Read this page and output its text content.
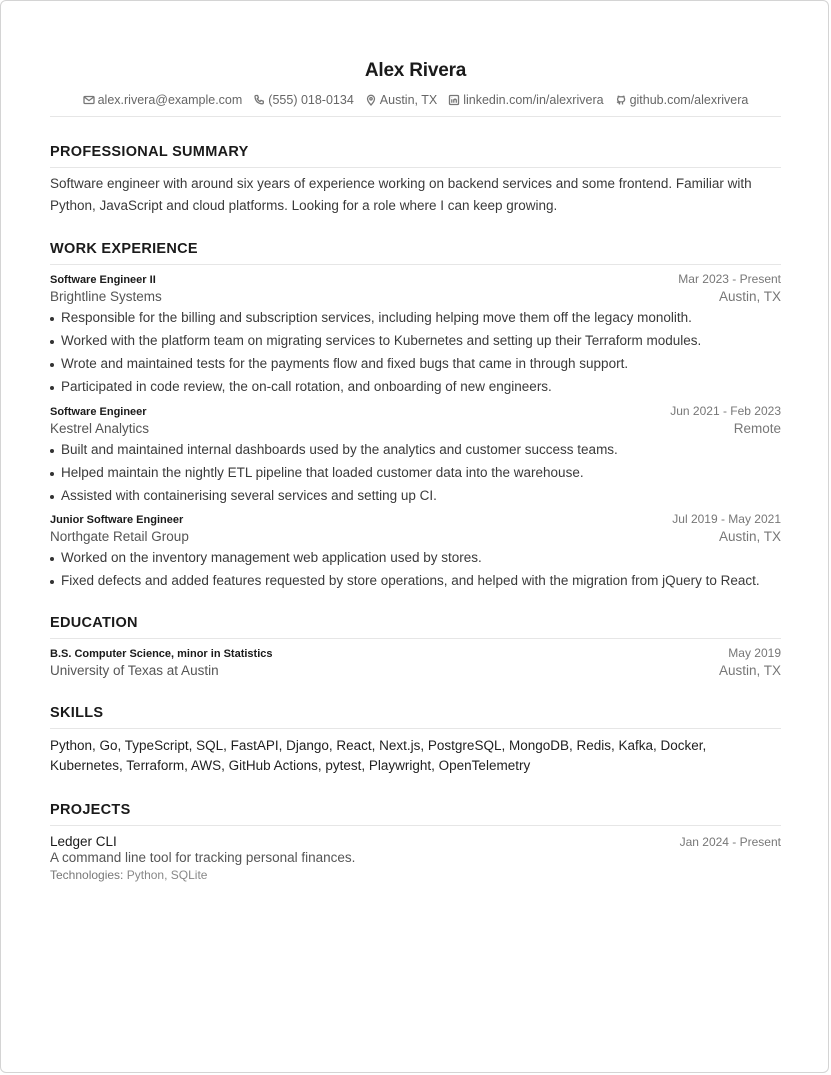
Alex Rivera
alex.rivera@example.com (555) 018-0134 Austin, TX linkedin.com/in/alexrivera github.com/alexrivera
PROFESSIONAL SUMMARY
Software engineer with around six years of experience working on backend services and some frontend. Familiar with Python, JavaScript and cloud platforms. Looking for a role where I can keep growing.
WORK EXPERIENCE
Software Engineer II	Mar 2023 - Present
Brightline Systems	Austin, TX
Responsible for the billing and subscription services, including helping move them off the legacy monolith.
Worked with the platform team on migrating services to Kubernetes and setting up their Terraform modules.
Wrote and maintained tests for the payments flow and fixed bugs that came in through support.
Participated in code review, the on-call rotation, and onboarding of new engineers.
Software Engineer	Jun 2021 - Feb 2023
Kestrel Analytics	Remote
Built and maintained internal dashboards used by the analytics and customer success teams.
Helped maintain the nightly ETL pipeline that loaded customer data into the warehouse.
Assisted with containerising several services and setting up CI.
Junior Software Engineer	Jul 2019 - May 2021
Northgate Retail Group	Austin, TX
Worked on the inventory management web application used by stores.
Fixed defects and added features requested by store operations, and helped with the migration from jQuery to React.
EDUCATION
B.S. Computer Science, minor in Statistics	May 2019
University of Texas at Austin	Austin, TX
SKILLS
Python, Go, TypeScript, SQL, FastAPI, Django, React, Next.js, PostgreSQL, MongoDB, Redis, Kafka, Docker, Kubernetes, Terraform, AWS, GitHub Actions, pytest, Playwright, OpenTelemetry
PROJECTS
Ledger CLI	Jan 2024 - Present
A command line tool for tracking personal finances.
Technologies: Python, SQLite
